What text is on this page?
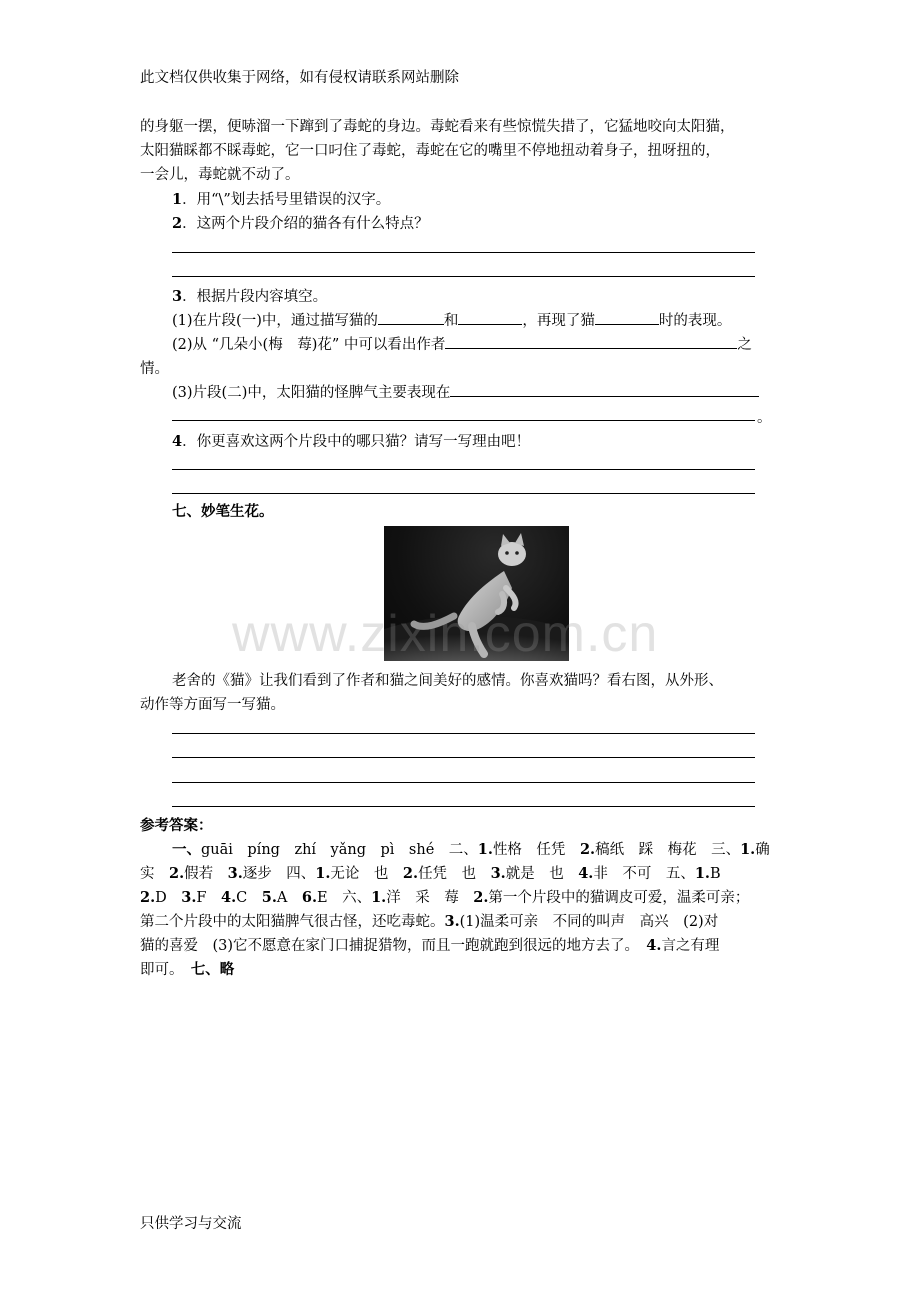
此文档仅供收集于网络，如有侵权请联系网站删除
的身躯一摆，便哧溜一下蹿到了毒蛇的身边。毒蛇看来有些惊慌失措了，它猛地咬向太阳猫，
太阳猫睬都不睬毒蛇，它一口叼住了毒蛇，毒蛇在它的嘴里不停地扭动着身子，扭呀扭的，
一会儿，毒蛇就不动了。
1．用“\”划去括号里错误的汉字。
2．这两个片段介绍的猫各有什么特点？
3．根据片段内容填空。
(1)在片段(一)中，通过描写猫的	和	，再现了猫	时的表现。
(2)从 “几朵小(梅　莓)花” 中可以看出作者	之
情。
(3)片段(二)中，太阳猫的怪脾气主要表现在
。
4．你更喜欢这两个片段中的哪只猫？请写一写理由吧！
七、妙笔生花。
www.zixin.com.cn
老舍的《猫》让我们看到了作者和猫之间美好的感情。你喜欢猫吗？看右图，从外形、
动作等方面写一写猫。
参考答案：
一、guāi　píng　zhí　yǎng　pì　shé　二、1.性格　任凭　2.稿纸　踩　梅花　三、1.确
实　2.假若　3.逐步　四、1.无论　也　2.任凭　也　3.就是　也　4.非　不可　五、1.B
2.D　3.F　4.C　5.A　6.E　六、1.洋　采　莓　2.第一个片段中的猫调皮可爱，温柔可亲；
第二个片段中的太阳猫脾气很古怪，还吃毒蛇。3.(1)温柔可亲　不同的叫声　高兴　(2)对
猫的喜爱　(3)它不愿意在家门口捕捉猎物，而且一跑就跑到很远的地方去了。　4.言之有理
即可。　七、略
只供学习与交流
